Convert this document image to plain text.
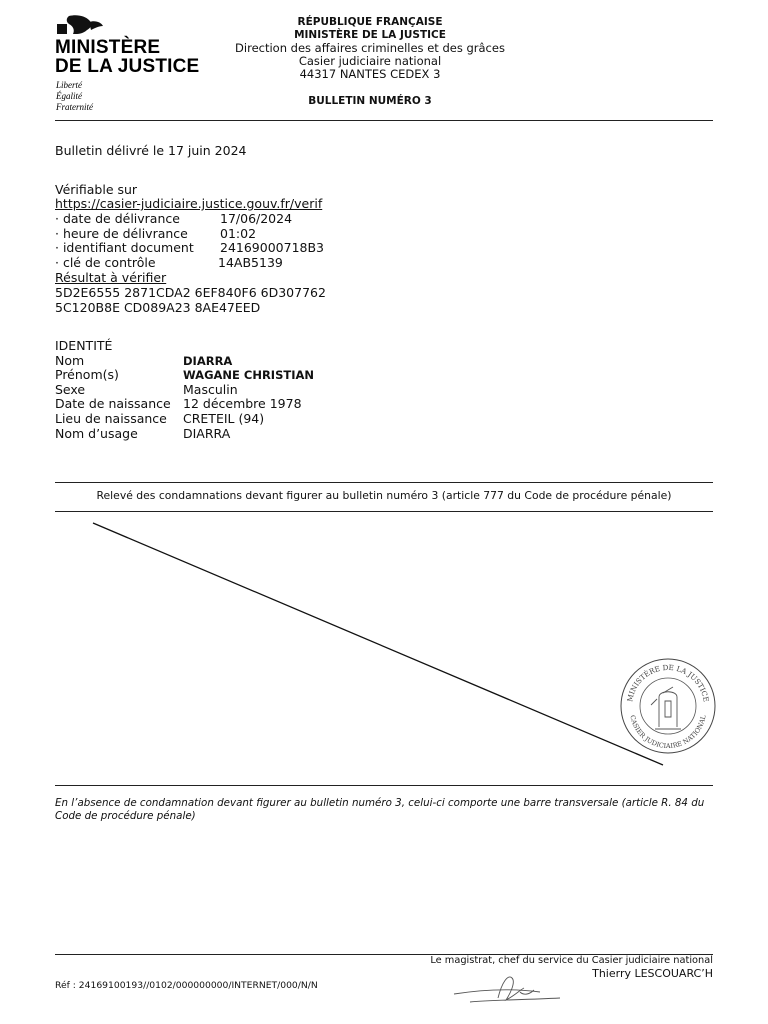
MINISTÈRE
DE LA JUSTICE
Liberté
Égalité
Fraternité
RÉPUBLIQUE FRANÇAISE
MINISTÈRE DE LA JUSTICE
Direction des affaires criminelles et des grâces
Casier judiciaire national
44317 NANTES CEDEX 3
BULLETIN NUMÉRO 3
Bulletin délivré le 17 juin 2024
Vérifiable sur
https://casier-judiciaire.justice.gouv.fr/verif
· date de délivrance	17/06/2024
· heure de délivrance	01:02
· identifiant document 24169000718B3
· clé de contrôle	14AB5139
Résultat à vérifier
5D2E6555 2871CDA2 6EF840F6 6D307762
5C120B8E CD089A23 8AE47EED
IDENTITÉ
Nom	DIARRA
Prénom(s)	WAGANE CHRISTIAN
Sexe	Masculin
Date de naissance 12 décembre 1978
Lieu de naissance CRETEIL (94)
Nom d’usage	DIARRA
Relevé des condamnations devant figurer au bulletin numéro 3 (article 777 du Code de procédure pénale)
MINISTÈRE DE LA JUSTICE
CASIER JUDICIAIRE NATIONAL
En l’absence de condamnation devant figurer au bulletin numéro 3, celui-ci comporte une barre transversale (article R. 84 du Code de procédure pénale)
Le magistrat, chef du service du Casier judiciaire national
Thierry LESCOUARC’H
Réf : 24169100193//0102/000000000/INTERNET/000/N/N
